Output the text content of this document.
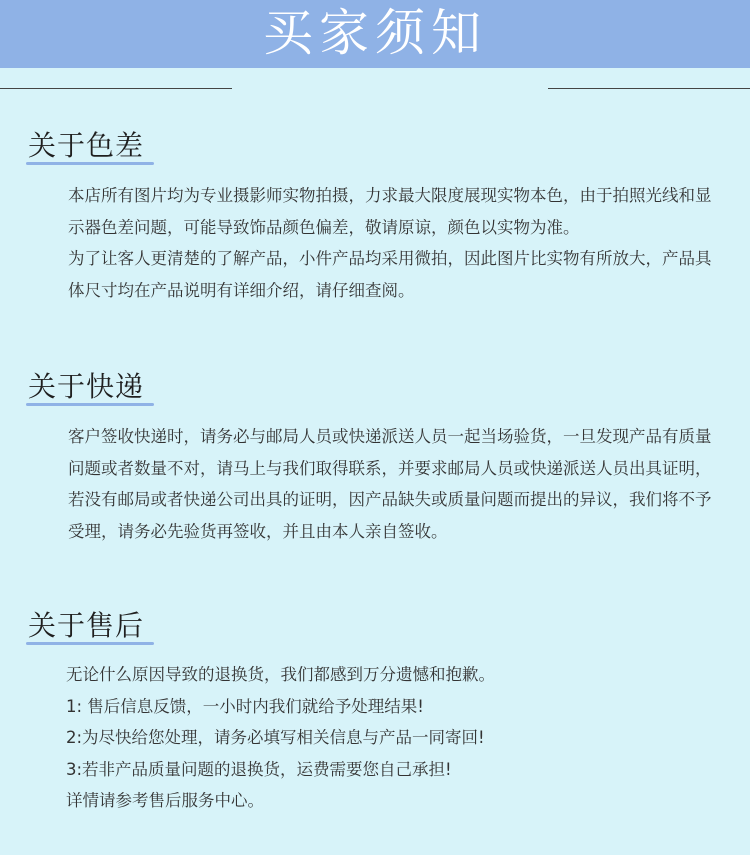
买家须知
关于色差

本店所有图片均为专业摄影师实物拍摄，力求最大限度展现实物本色，由于拍照光线和显示器色差问题，可能导致饰品颜色偏差，敬请原谅，颜色以实物为准。

为了让客人更清楚的了解产品，小件产品均采用微拍，因此图片比实物有所放大，产品具体尺寸均在产品说明有详细介绍，请仔细查阅。

关于快递

客户签收快递时，请务必与邮局人员或快递派送人员一起当场验货，一旦发现产品有质量问题或者数量不对，请马上与我们取得联系，并要求邮局人员或快递派送人员出具证明，若没有邮局或者快递公司出具的证明，因产品缺失或质量问题而提出的异议，我们将不予受理，请务必先验货再签收，并且由本人亲自签收。

关于售后

无论什么原因导致的退换货，我们都感到万分遗憾和抱歉。

1: 售后信息反馈，一小时内我们就给予处理结果!

2:为尽快给您处理，请务必填写相关信息与产品一同寄回!

3:若非产品质量问题的退换货，运费需要您自己承担!

详情请参考售后服务中心。
